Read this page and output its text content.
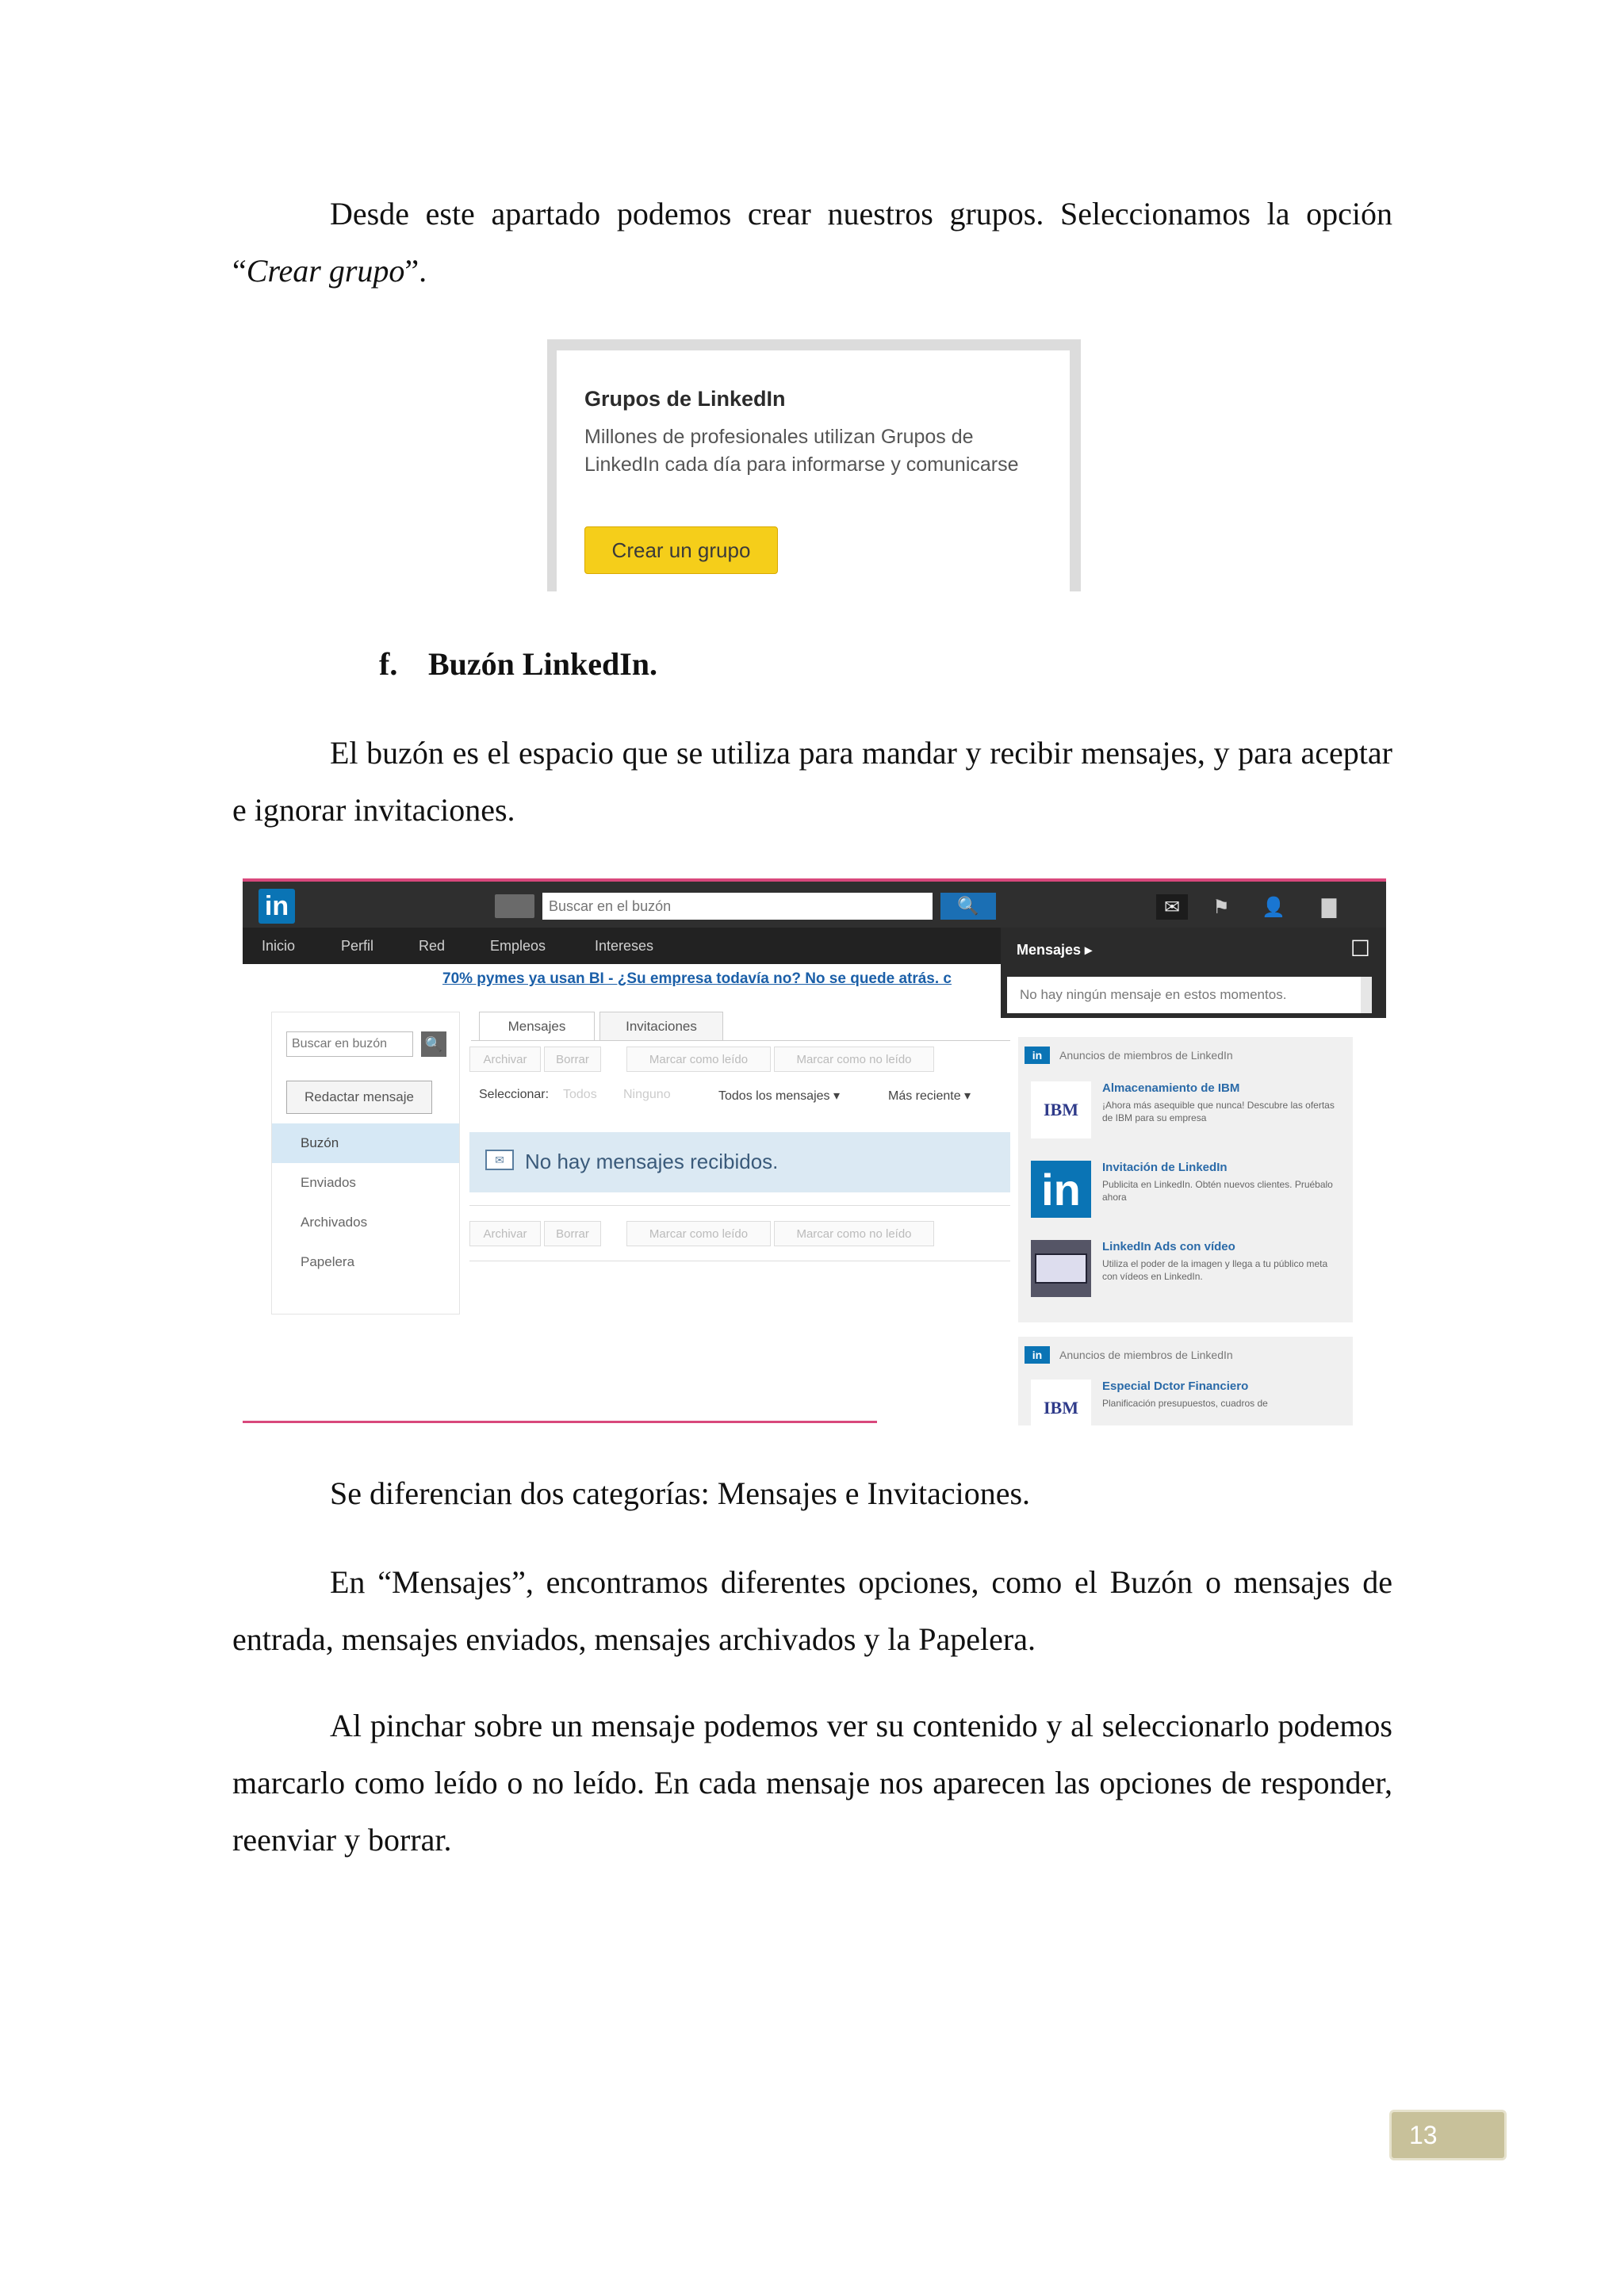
Desde este apartado podemos crear nuestros grupos. Seleccionamos la opción “Crear grupo”.

Grupos de LinkedIn
Millones de profesionales utilizan Grupos de LinkedIn cada día para informarse y comunicarse
Crear un grupo
f. Buzón LinkedIn.

El buzón es el espacio que se utiliza para mandar y recibir mensajes, y para aceptar e ignorar invitaciones.

in
Buscar en el buzón	🔍	✉	⚑	👤	▇
Inicio	Perfil	Red	Empleos	Intereses
70% pymes ya usan BI - ¿Su empresa todavía no? No se quede atrás. c
Mensajes ▸	☐
No hay ningún mensaje en estos momentos.
Buscar en buzón
🔍
Redactar mensaje
Buzón
Enviados
Archivados
Papelera
Mensajes	Invitaciones
Archivar	Borrar	Marcar como leído	Marcar como no leído
Seleccionar: Todos Ninguno	Todos los mensajes ▾	Más reciente ▾
✉	No hay mensajes recibidos.
Archivar	Borrar	Marcar como leído	Marcar como no leído
in Anuncios de miembros de LinkedIn
IBM
Almacenamiento de IBM
¡Ahora más asequible que nunca! Descubre las ofertas de IBM para su empresa
in	Invitación de LinkedIn
Publicita en LinkedIn. Obtén nuevos clientes. Pruébalo ahora
LinkedIn Ads con vídeo
Utiliza el poder de la imagen y llega a tu público meta con vídeos en LinkedIn.
in Anuncios de miembros de LinkedIn
IBM
Especial Dctor Financiero
Planificación presupuestos, cuadros de

Se diferencian dos categorías: Mensajes e Invitaciones.

En “Mensajes”, encontramos diferentes opciones, como el Buzón o mensajes de entrada, mensajes enviados, mensajes archivados y la Papelera.

Al pinchar sobre un mensaje podemos ver su contenido y al seleccionarlo podemos marcarlo como leído o no leído. En cada mensaje nos aparecen las opciones de responder, reenviar y borrar.

13
